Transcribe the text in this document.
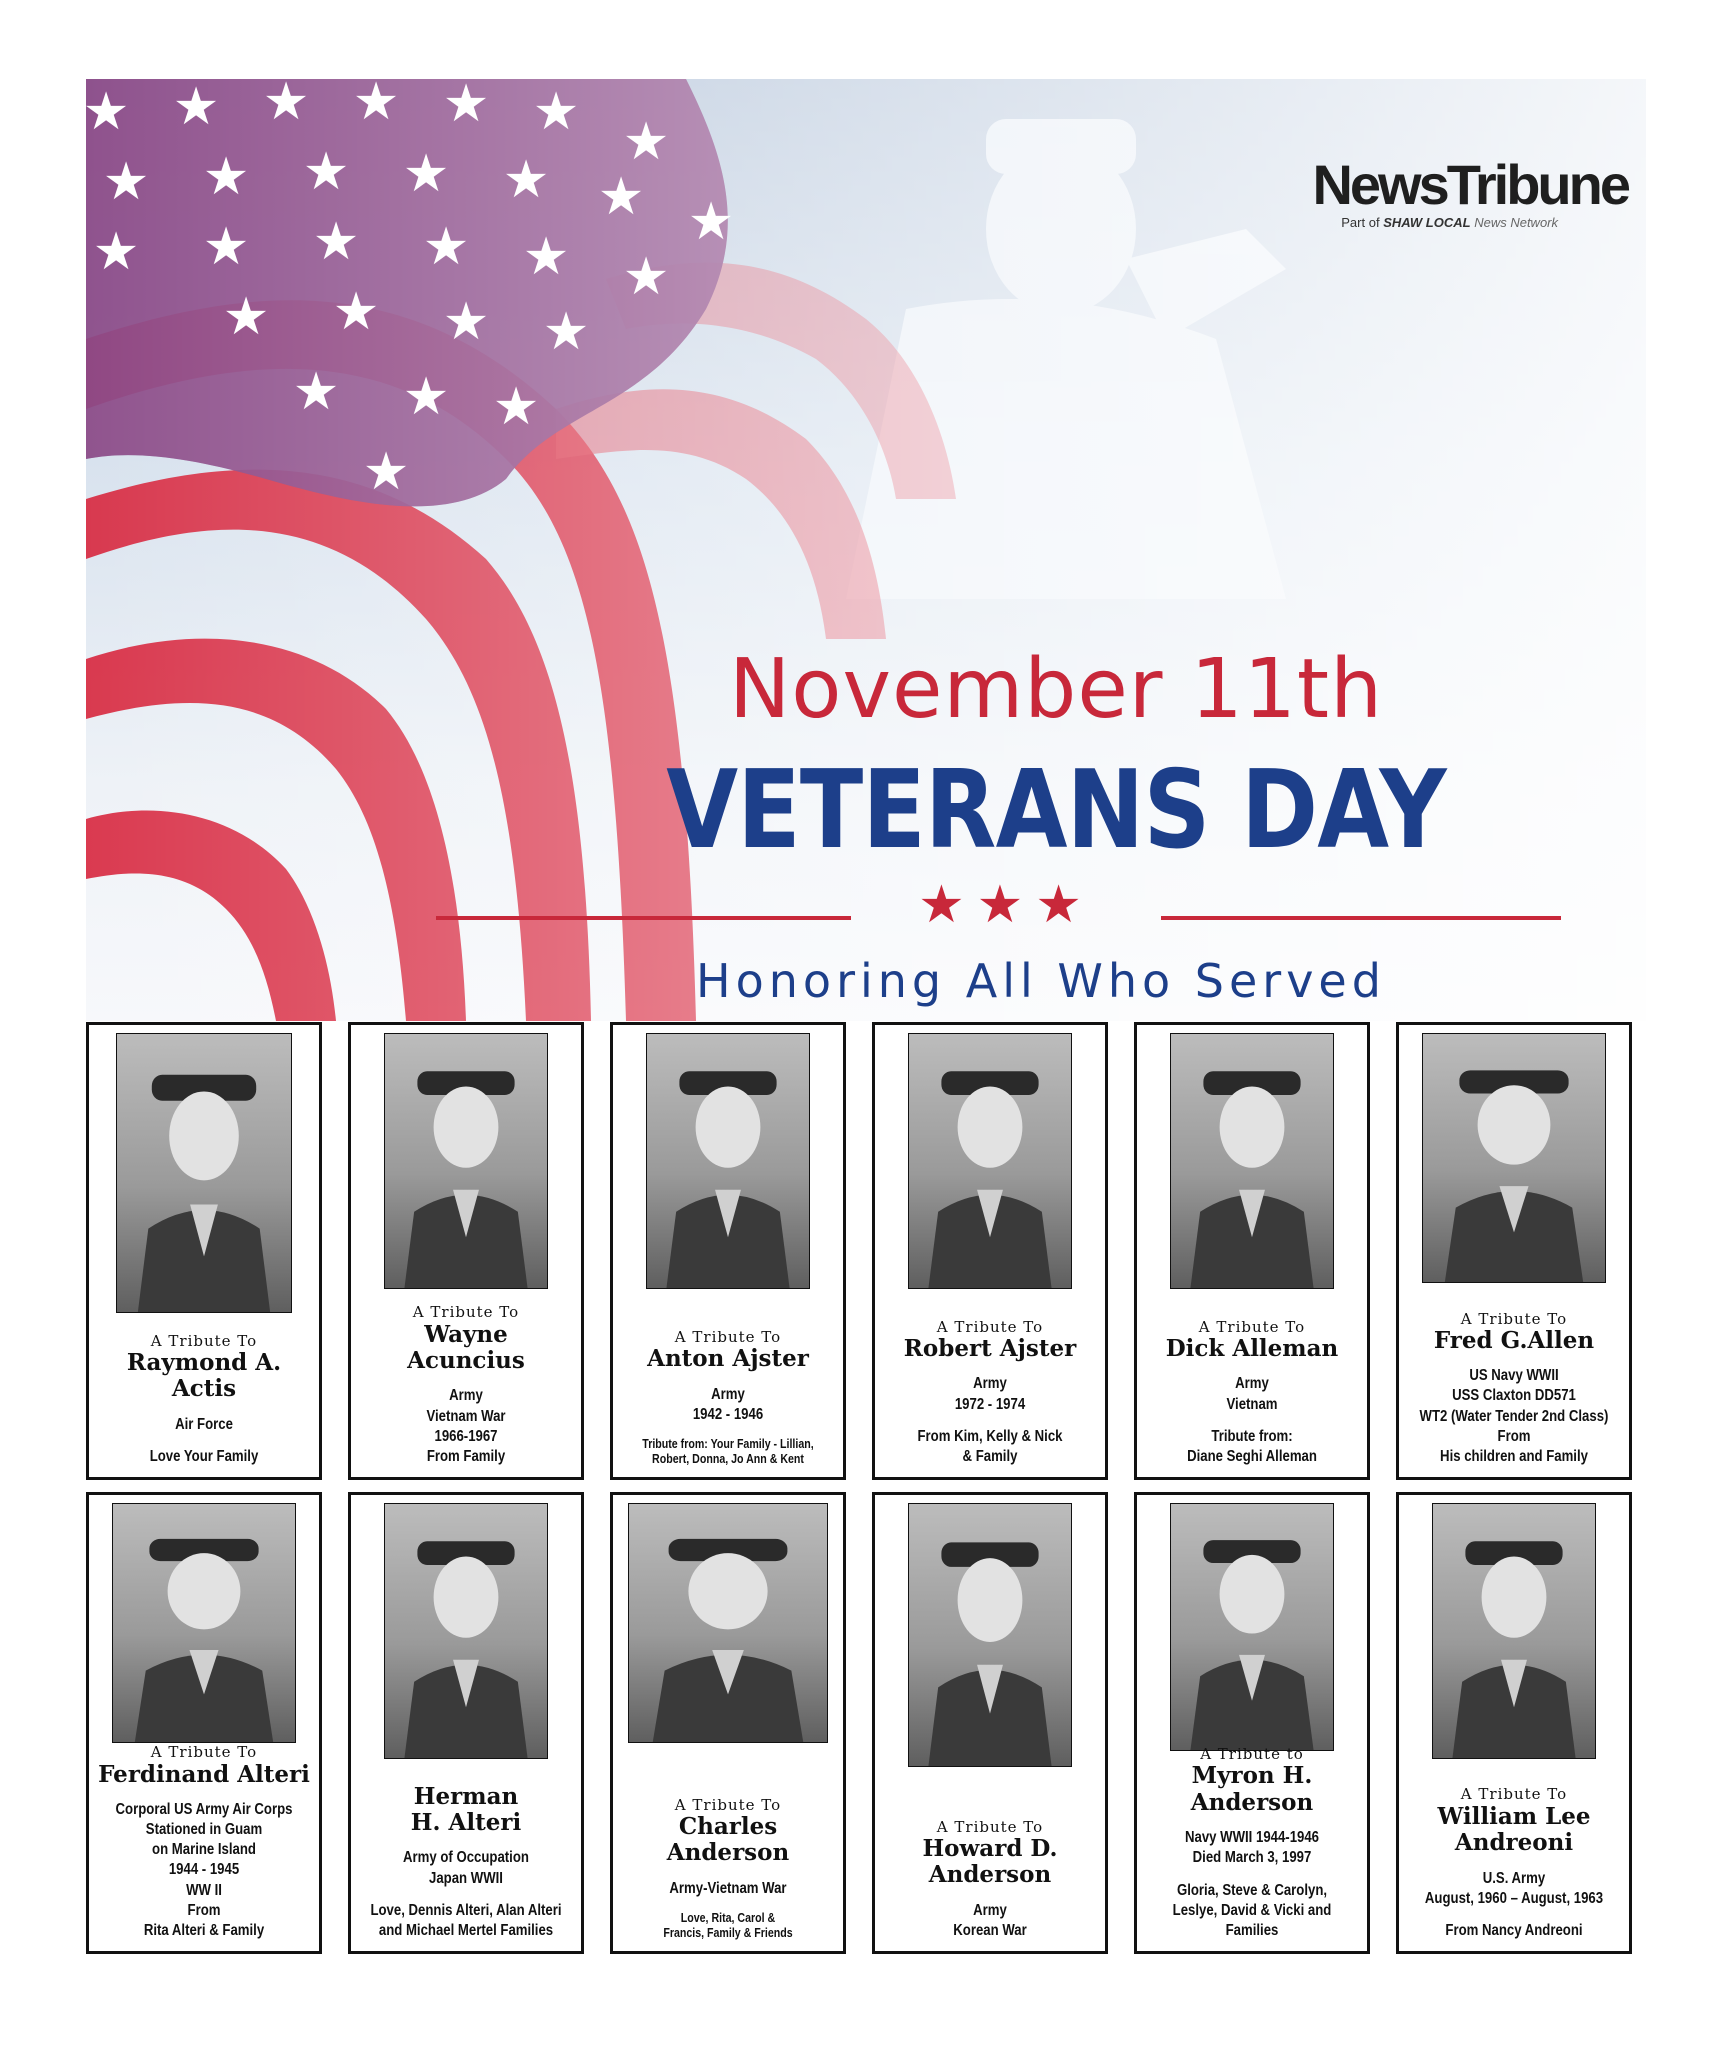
NewsTribune
Part of SHAW LOCAL News Network
November 11th
VETERANS DAY
★★★
Honoring All Who Served
A Tribute To
Raymond A.
Actis
Air Force
Love Your Family
A Tribute To
Wayne
Acuncius
Army
Vietnam War
1966-1967
From Family
A Tribute To
Anton Ajster
Army
1942 - 1946
Tribute from: Your Family - Lillian,
Robert, Donna, Jo Ann & Kent
A Tribute To
Robert Ajster
Army
1972 - 1974
From Kim, Kelly & Nick
& Family
A Tribute To
Dick Alleman
Army
Vietnam
Tribute from:
Diane Seghi Alleman
A Tribute To
Fred G.Allen
US Navy WWII
USS Claxton DD571
WT2 (Water Tender 2nd Class)
From
His children and Family
A Tribute To
Ferdinand Alteri
Corporal US Army Air Corps
Stationed in Guam
on Marine Island
1944 - 1945
WW II
From
Rita Alteri & Family
Herman
H. Alteri
Army of Occupation
Japan WWII
Love, Dennis Alteri, Alan Alteri
and Michael Mertel Families
A Tribute To
Charles
Anderson
Army-Vietnam War
Love, Rita, Carol &
Francis, Family & Friends
A Tribute To
Howard D.
Anderson
Army
Korean War
A Tribute to
Myron H.
Anderson
Navy WWII 1944-1946
Died March 3, 1997
Gloria, Steve & Carolyn,
Leslye, David & Vicki and
Families
A Tribute To
William Lee
Andreoni
U.S. Army
August, 1960 – August, 1963
From Nancy Andreoni
